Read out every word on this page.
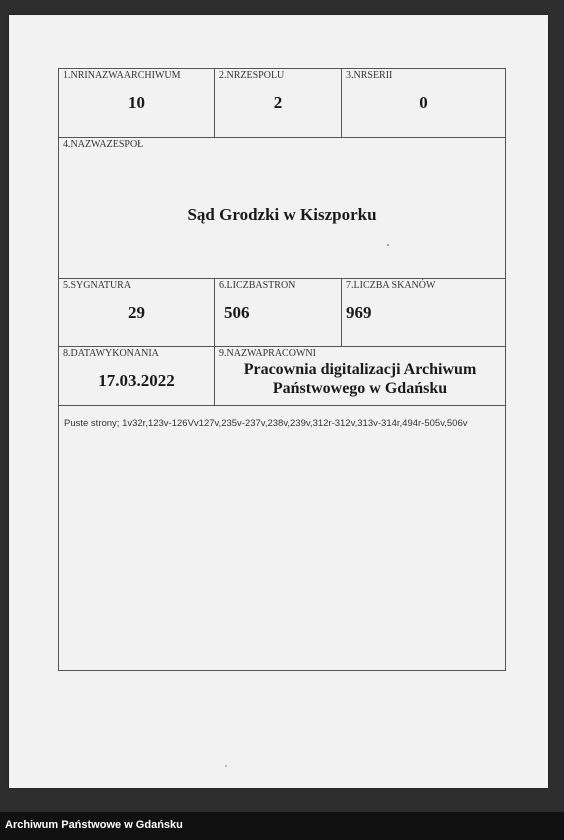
1.NRINAZWAARCHIWUM
10
2.NRZESPOLU
2
3.NRSERII
0
4.NAZWAZESPOŁ
Sąd Grodzki w Kiszporku
5.SYGNATURA
29
6.LICZBASTRON
506
7.LICZBA SKANÓW
969
8.DATAWYKONANIA
17.03.2022
9.NAZWAPRACOWNI
Pracownia digitalizacji Archiwum
Państwowego w Gdańsku
Puste strony; 1v32r,123v-126Vv127v,235v-237v,238v,239v,312r-312v,313v-314r,494r-505v,506v
Archiwum Państwowe w Gdańsku
